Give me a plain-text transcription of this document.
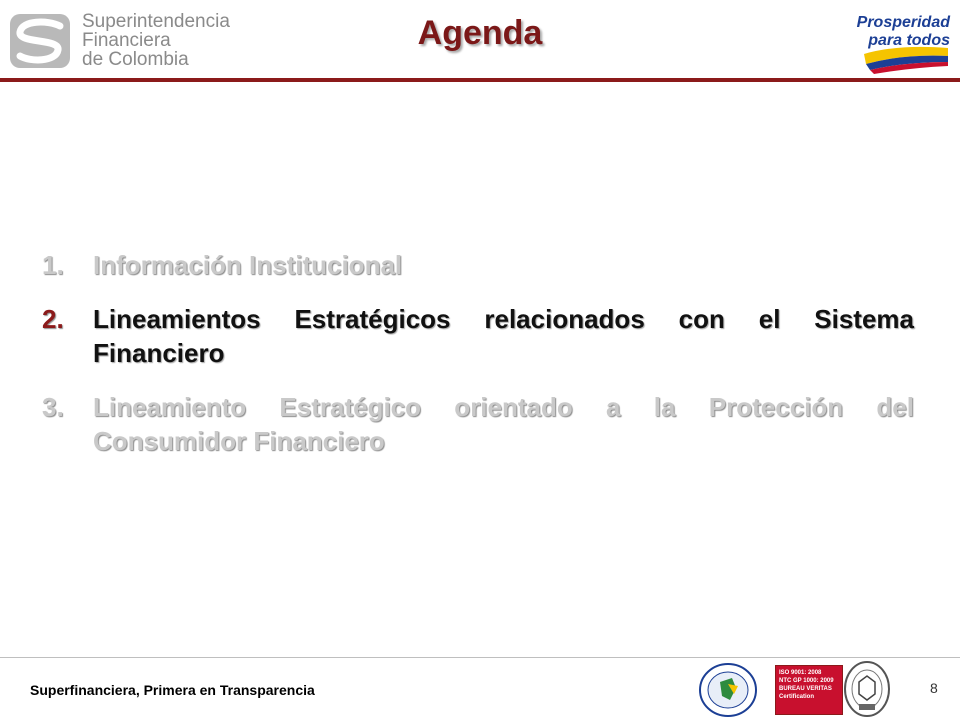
Superintendencia
Financiera
de Colombia
Agenda	Prosperidad
para todos
1.	Información Institucional
2.	Lineamientos Estratégicos relacionados con el Sistema Financiero
3.	Lineamiento Estratégico orientado a la Protección del Consumidor Financiero
Superfinanciera, Primera en Transparencia
ISO 9001: 2008
NTC GP 1000: 2009
BUREAU VERITAS
Certification
8
